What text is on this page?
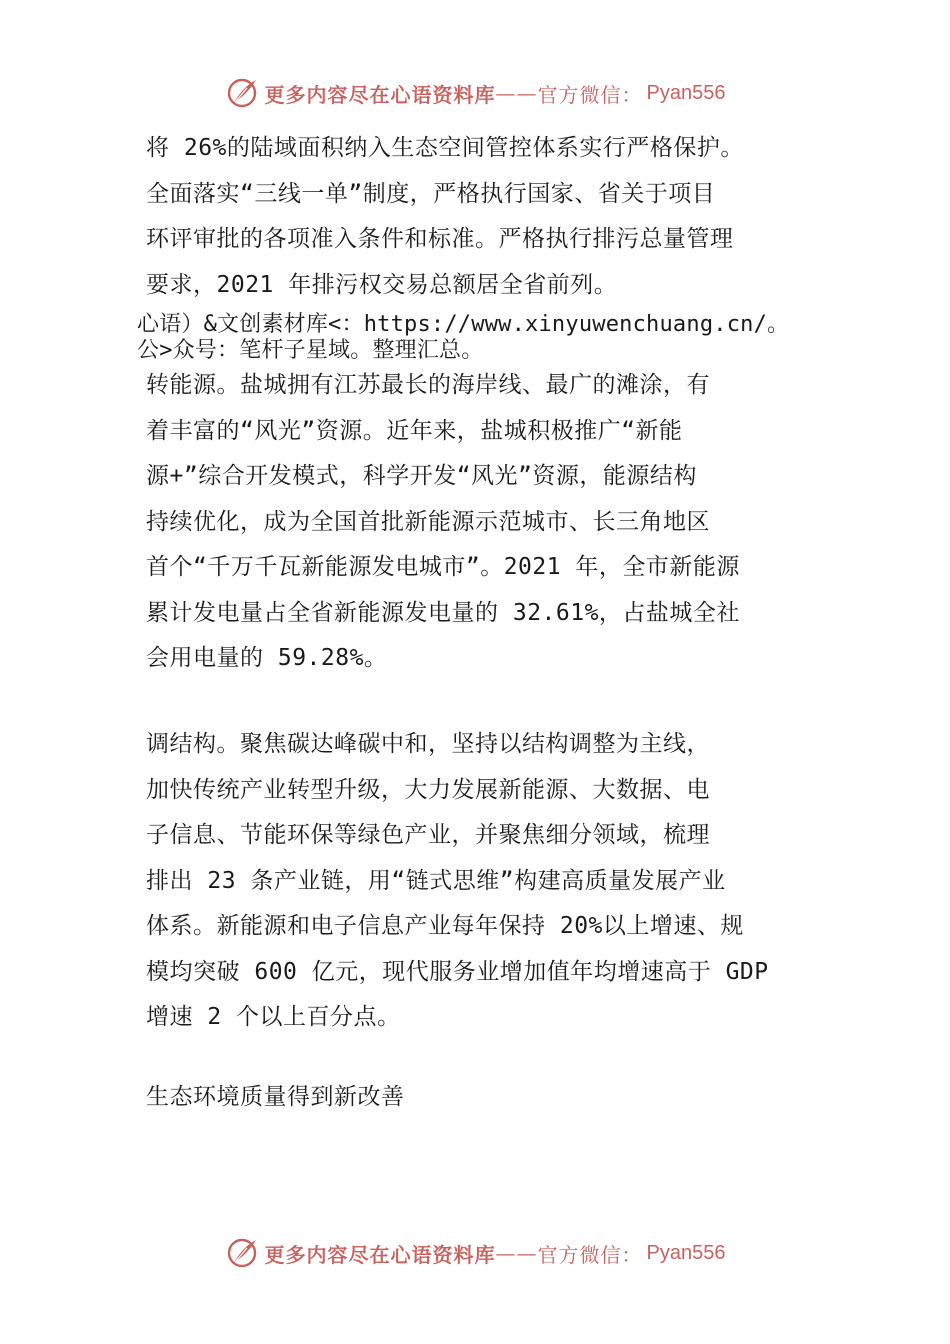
更多内容尽在心语资料库 —— 官方微信： Pyan556
将 26%的陆域面积纳入生态空间管控体系实行严格保护。
全面落实“三线一单”制度，严格执行国家、省关于项目
环评审批的各项准入条件和标准。严格执行排污总量管理
要求，2021 年排污权交易总额居全省前列。
心语）&文创素材库<：https://www.xinyuwenchuang.cn/。
公>众号：笔杆子星域。整理汇总。
转能源。盐城拥有江苏最长的海岸线、最广的滩涂，有
着丰富的“风光”资源。近年来，盐城积极推广“新能
源+”综合开发模式，科学开发“风光”资源，能源结构
持续优化，成为全国首批新能源示范城市、长三角地区
首个“千万千瓦新能源发电城市”。2021 年，全市新能源
累计发电量占全省新能源发电量的 32.61%，占盐城全社
会用电量的 59.28%。
调结构。聚焦碳达峰碳中和，坚持以结构调整为主线，
加快传统产业转型升级，大力发展新能源、大数据、电
子信息、节能环保等绿色产业，并聚焦细分领域，梳理
排出 23 条产业链，用“链式思维”构建高质量发展产业
体系。新能源和电子信息产业每年保持 20%以上增速、规
模均突破 600 亿元，现代服务业增加值年均增速高于 GDP
增速 2 个以上百分点。
生态环境质量得到新改善
更多内容尽在心语资料库 —— 官方微信： Pyan556
